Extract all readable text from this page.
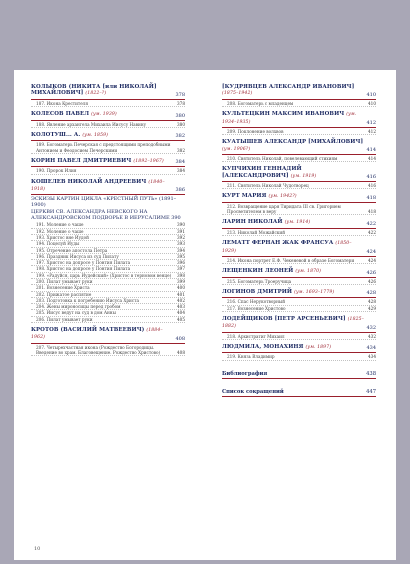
КОЛЫКОВ (НИКИТА [или НИКОЛАЙ] МИХАЙЛОВИЧ] (1822–?)	378
187. Икона Крестителя	378
КОЛЕСОВ ПАВЕЛ (ум. 1939)	380
188. Явление архангела Михаила Иисусу Навину	380
КОЛОТУШ... А. (ум. 1859)	382
189. Богоматерь Печерская с предстоящими преподобными Антонием и Феодосием Печерскими	382
КОРИН ПАВЕЛ ДМИТРИЕВИЧ (1892–1967)	384
190. Пророк Илия	384
КОШЕЛЕВ НИКОЛАЙ АНДРЕЕВИЧ (1840–1918)	386
ЭСКИЗЫ КАРТИН ЦИКЛА «КРЕСТНЫЙ ПУТЬ» (1891–1900)
ЦЕРКВИ СВ. АЛЕКСАНДРА НЕВСКОГО НА АЛЕКСАНДРОВСКОМ ПОДВОРЬЕ В ИЕРУСАЛИМЕ 390
191. Моление о чаше	390
192. Моление о чаше	391
193. Христос вне Иудой	392
194. Поцелуй Иуды	393
195. Отречение апостола Петра	394
196. Праздник Иисуса из суд Пилату	395
197. Христос на допросе у Понтия Пилата	396
198. Христос на допросе у Понтия Пилата	397
199. «Радуйся, царь Иудейский» (Христос в терновом венце)	398
200. Пилат умывает руки	399
201. Вознесение Христа	400
202. Прижатое распятие	401
203. Подготовка к погребению Иисуса Христа	402
204. Жены мироносицы перед гробом	403
205. Иисус ведут на суд в дом Анны	404
206. Пилат умывает руки	405
КРОТОВ (ВАСИЛИЙ МАТВЕЕВИЧ) (1884–1962)	408
207. Четырехчастная икона (Рождество Богородицы. Введение во храм. Благовещение. Рождество Христово)	408
[КУДРЯВЦЕВ АЛЕКСАНДР ИВАНОВИЧ] (1875–1942)	410
208. Богоматерь с младенцем	410
КУЛЬТЕЦКИН МАКСИМ ИВАНОВИЧ (ум. 1934–1935)	412
209. Поклонение волхвов	412
КУАТЫШЕВ АЛЕКСАНДР [МИХАЙЛОВИЧ] (ум. 1906?)	414
210. Святитель Николай, повелевающий стихиям	414
КУПЧИХИН ГЕННАДИЙ [АЛЕКСАНДРОВИЧ] (ум. 1919)	416
211. Святитель Николай Чудотворец	416
КУРТ МАРИЯ (ум. 1942?)	418
212. Возвращение царя Тиридата III св. Григорием Просветителем в веру	418
ЛАРИН НИКОЛАЙ (ум. 1914)	422
213. Николай Можайский	422
ЛЕМАТТ ФЕРНАН ЖАК ФРАНСУА (1850–1929)	424
214. Икона портрет Е.Ф. Чекеневой в образе Богоматери	424
ЛЕЩЕНКИН ЛЕОНЕЙ (ум. 1870)	426
215. Богоматерь Троеручица	426
ЛОГИНОВ ДМИТРИЙ (ум. 1693–1779)	428
216. Спас Нерукотворный	428
217. Вознесение Христово	429
ЛОДЕЙЩИКОВ [ПЕТР АРСЕНЬЕВИЧ] (1825–1882)	432
218. Архистратиг Михаил	432
ЛЮДМИЛА, МОНАХИНЯ (ум. 1897)	434
219. Князь Владимир	434
Библиография	438
Список сокращений	447
10
